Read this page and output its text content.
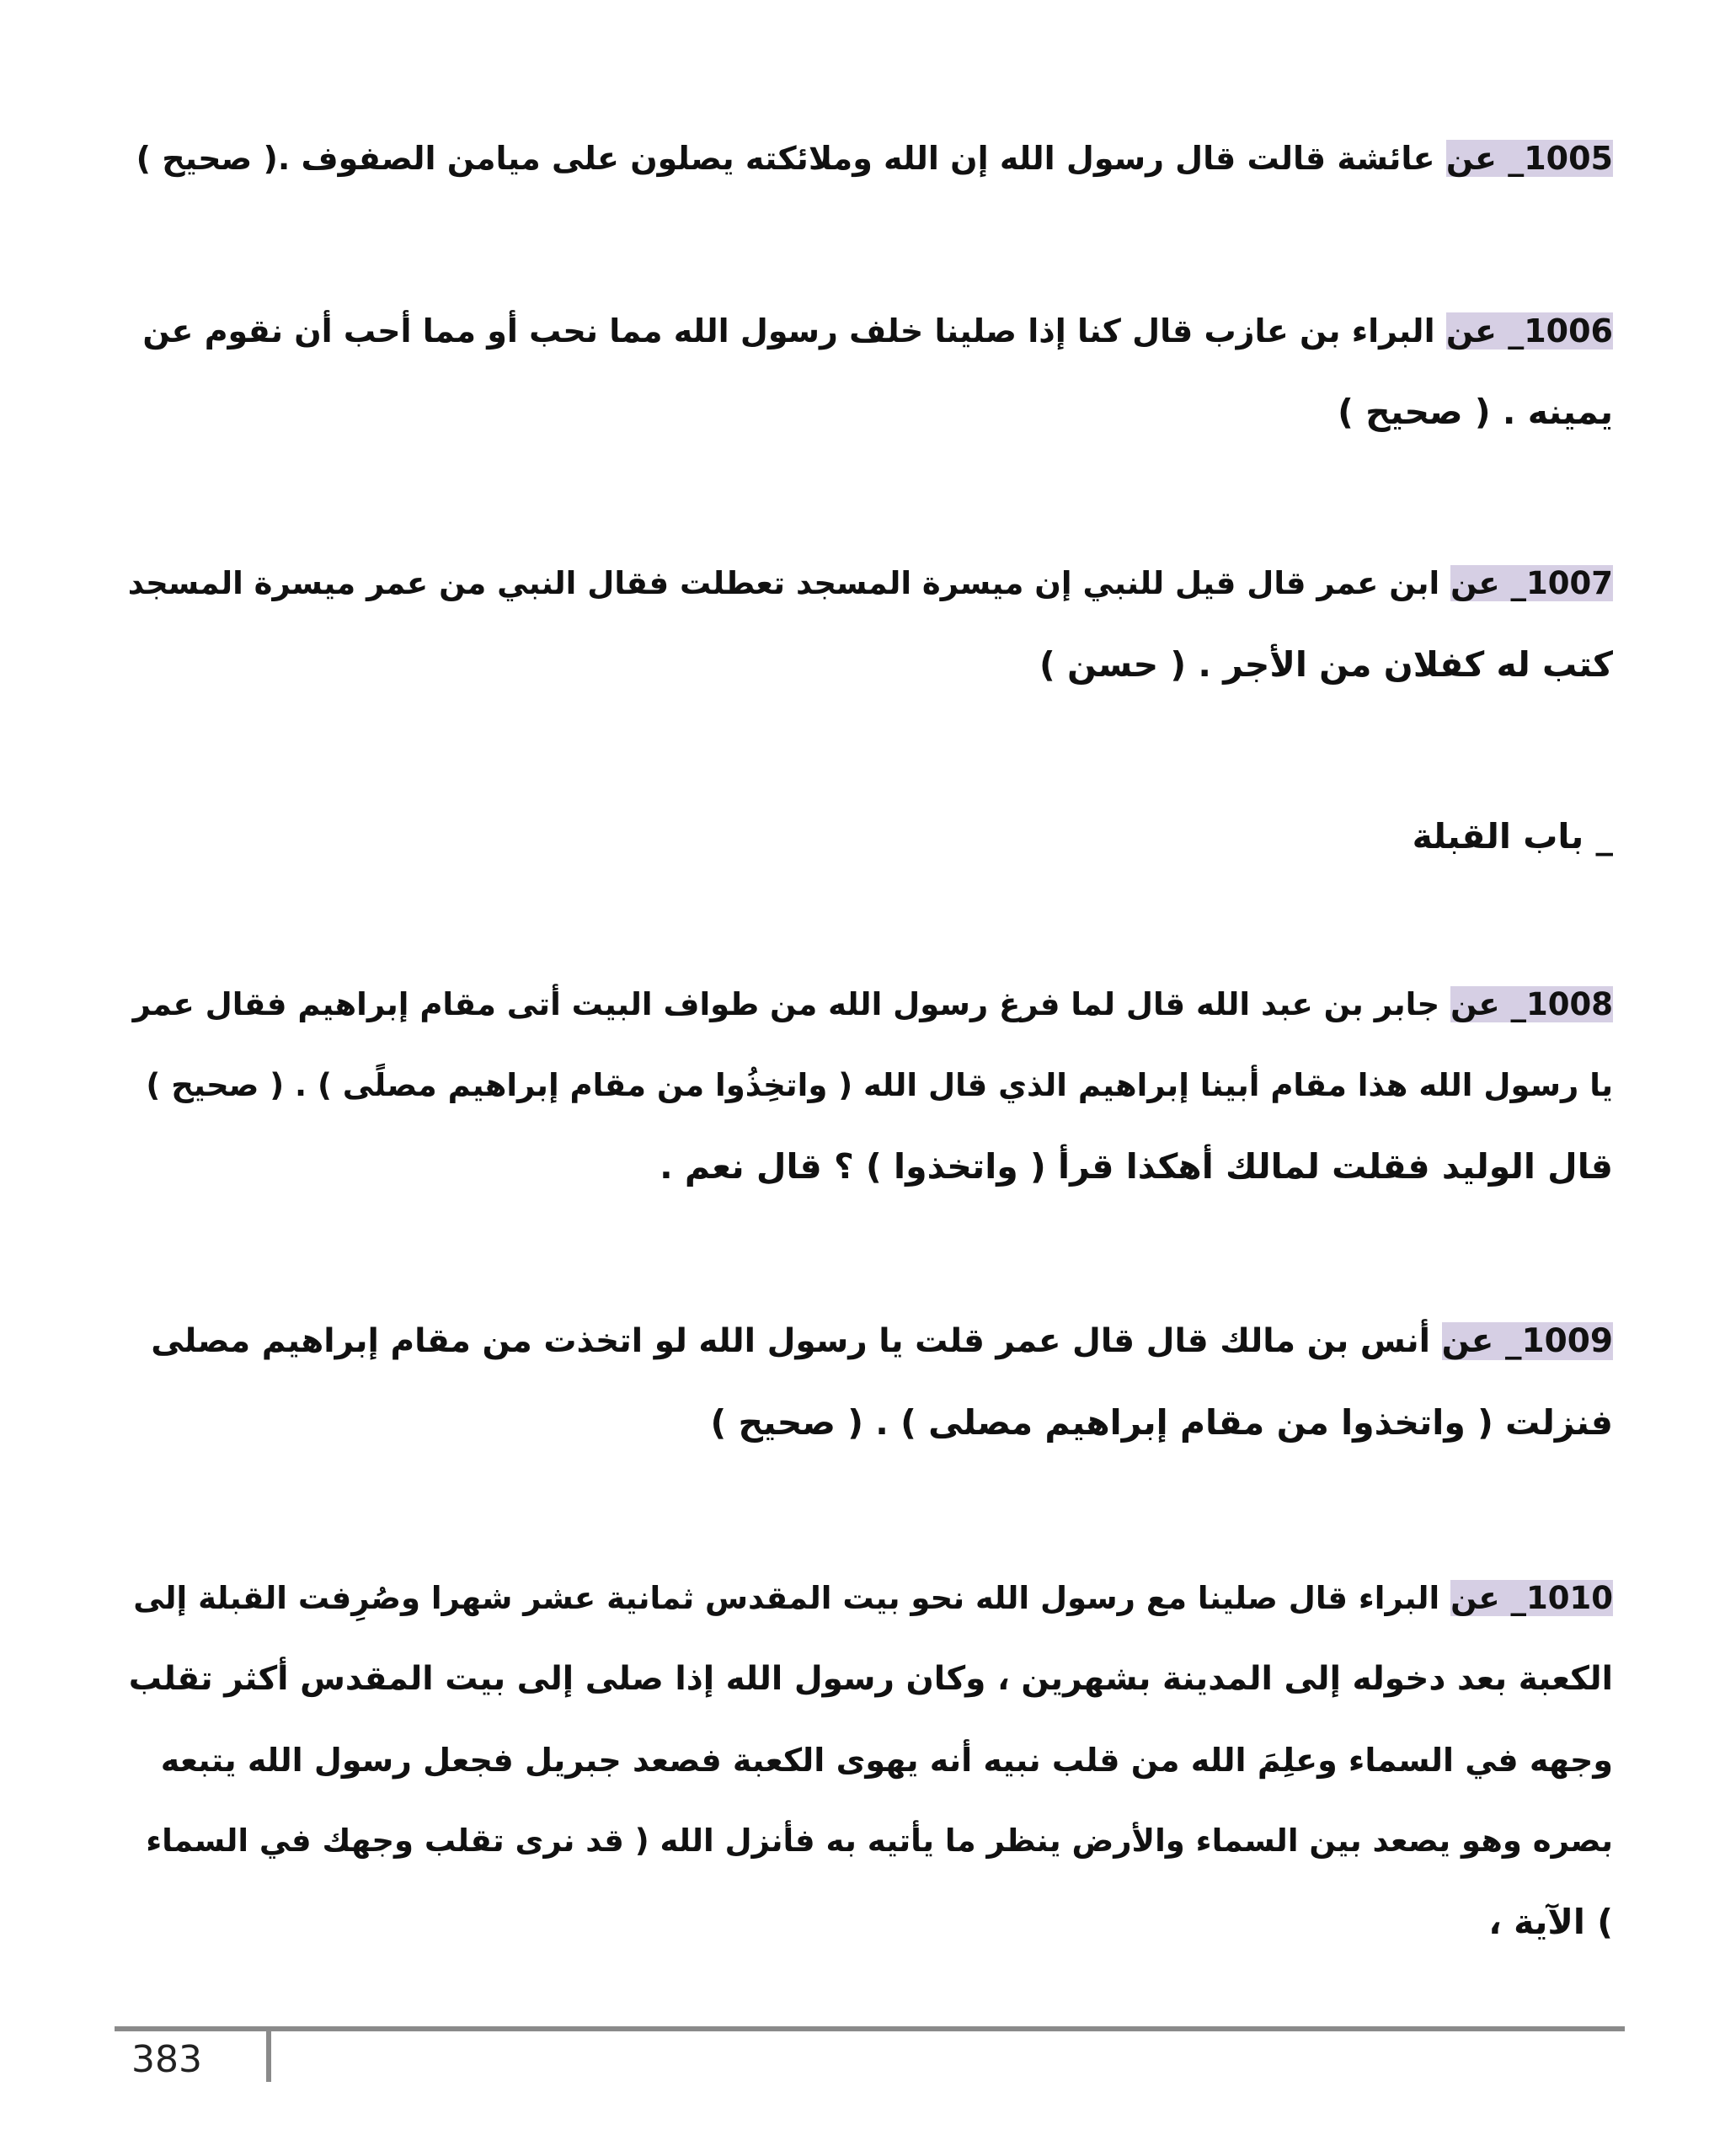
1005_ عن عائشة قالت قال رسول الله إن الله وملائكته يصلون على ميامن الصفوف .( صحيح )
1006_ عن البراء بن عازب قال كنا إذا صلينا خلف رسول الله مما نحب أو مما أحب أن نقوم عن
يمينه . ( صحيح )
1007_ عن ابن عمر قال قيل للنبي إن ميسرة المسجد تعطلت فقال النبي من عمر ميسرة المسجد
كتب له كفلان من الأجر . ( حسن )
_ باب القبلة
1008_ عن جابر بن عبد الله قال لما فرغ رسول الله من طواف البيت أتى مقام إبراهيم فقال عمر
يا رسول الله هذا مقام أبينا إبراهيم الذي قال الله ( واتخِذُوا من مقام إبراهيم مصلًى ) . ( صحيح )
قال الوليد فقلت لمالك أهكذا قرأ ( واتخذوا ) ؟ قال نعم .
1009_ عن أنس بن مالك قال قال عمر قلت يا رسول الله لو اتخذت من مقام إبراهيم مصلى
فنزلت ( واتخذوا من مقام إبراهيم مصلى ) . ( صحيح )
1010_ عن البراء قال صلينا مع رسول الله نحو بيت المقدس ثمانية عشر شهرا وصُرِفت القبلة إلى
الكعبة بعد دخوله إلى المدينة بشهرين ، وكان رسول الله إذا صلى إلى بيت المقدس أكثر تقلب
وجهه في السماء وعلِمَ الله من قلب نبيه أنه يهوى الكعبة فصعد جبريل فجعل رسول الله يتبعه
بصره وهو يصعد بين السماء والأرض ينظر ما يأتيه به فأنزل الله ( قد نرى تقلب وجهك في السماء
) الآية ،
383
